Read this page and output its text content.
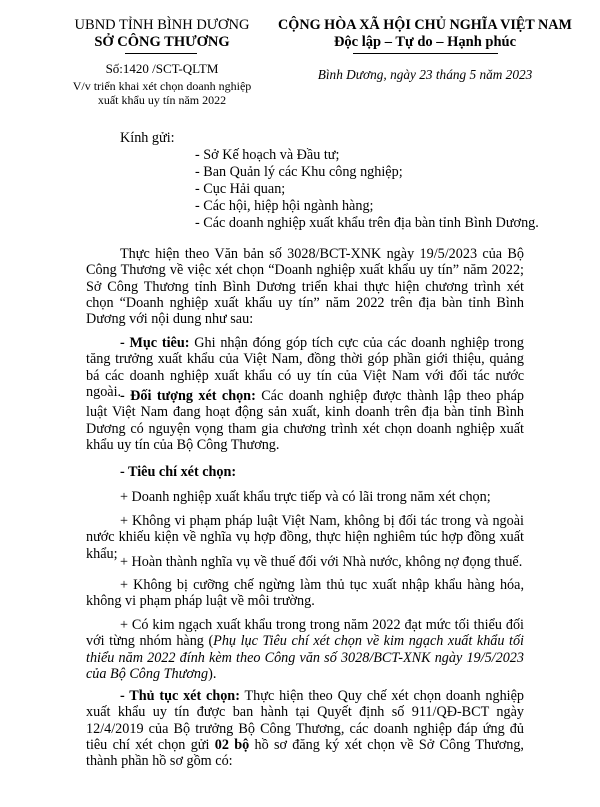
UBND TỈNH BÌNH DƯƠNG
SỞ CÔNG THƯƠNG
Số:1420 /SCT-QLTM
V/v triển khai xét chọn doanh nghiệp
xuất khẩu uy tín năm 2022
CỘNG HÒA XÃ HỘI CHỦ NGHĨA VIỆT NAM
Độc lập – Tự do – Hạnh phúc
Bình Dương, ngày 23 tháng 5 năm 2023
Kính gửi:
- Sở Kế hoạch và Đầu tư;
- Ban Quản lý các Khu công nghiệp;
- Cục Hải quan;
- Các hội, hiệp hội ngành hàng;
- Các doanh nghiệp xuất khẩu trên địa bàn tỉnh Bình Dương.

Thực hiện theo Văn bản số 3028/BCT-XNK ngày 19/5/2023 của Bộ Công Thương về việc xét chọn “Doanh nghiệp xuất khẩu uy tín” năm 2022; Sở Công Thương tỉnh Bình Dương triển khai thực hiện chương trình xét chọn “Doanh nghiệp xuất khẩu uy tín” năm 2022 trên địa bàn tỉnh Bình Dương với nội dung như sau:

- Mục tiêu: Ghi nhận đóng góp tích cực của các doanh nghiệp trong tăng trưởng xuất khẩu của Việt Nam, đồng thời góp phần giới thiệu, quảng bá các doanh nghiệp xuất khẩu có uy tín của Việt Nam với đối tác nước ngoài.

- Đối tượng xét chọn: Các doanh nghiệp được thành lập theo pháp luật Việt Nam đang hoạt động sản xuất, kinh doanh trên địa bàn tỉnh Bình Dương có nguyện vọng tham gia chương trình xét chọn doanh nghiệp xuất khẩu uy tín của Bộ Công Thương.

- Tiêu chí xét chọn:

+ Doanh nghiệp xuất khẩu trực tiếp và có lãi trong năm xét chọn;

+ Không vi phạm pháp luật Việt Nam, không bị đối tác trong và ngoài nước khiếu kiện về nghĩa vụ hợp đồng, thực hiện nghiêm túc hợp đồng xuất khẩu;

+ Hoàn thành nghĩa vụ về thuế đối với Nhà nước, không nợ đọng thuế.

+ Không bị cưỡng chế ngừng làm thủ tục xuất nhập khẩu hàng hóa, không vi phạm pháp luật về môi trường.

+ Có kim ngạch xuất khẩu trong trong năm 2022 đạt mức tối thiểu đối với từng nhóm hàng (Phụ lục Tiêu chí xét chọn về kim ngạch xuất khẩu tối thiểu năm 2022 đính kèm theo Công văn số 3028/BCT-XNK ngày 19/5/2023 của Bộ Công Thương).

- Thủ tục xét chọn: Thực hiện theo Quy chế xét chọn doanh nghiệp xuất khẩu uy tín được ban hành tại Quyết định số 911/QĐ-BCT ngày 12/4/2019 của Bộ trưởng Bộ Công Thương, các doanh nghiệp đáp ứng đủ tiêu chí xét chọn gửi 02 bộ hồ sơ đăng ký xét chọn về Sở Công Thương, thành phần hồ sơ gồm có:
